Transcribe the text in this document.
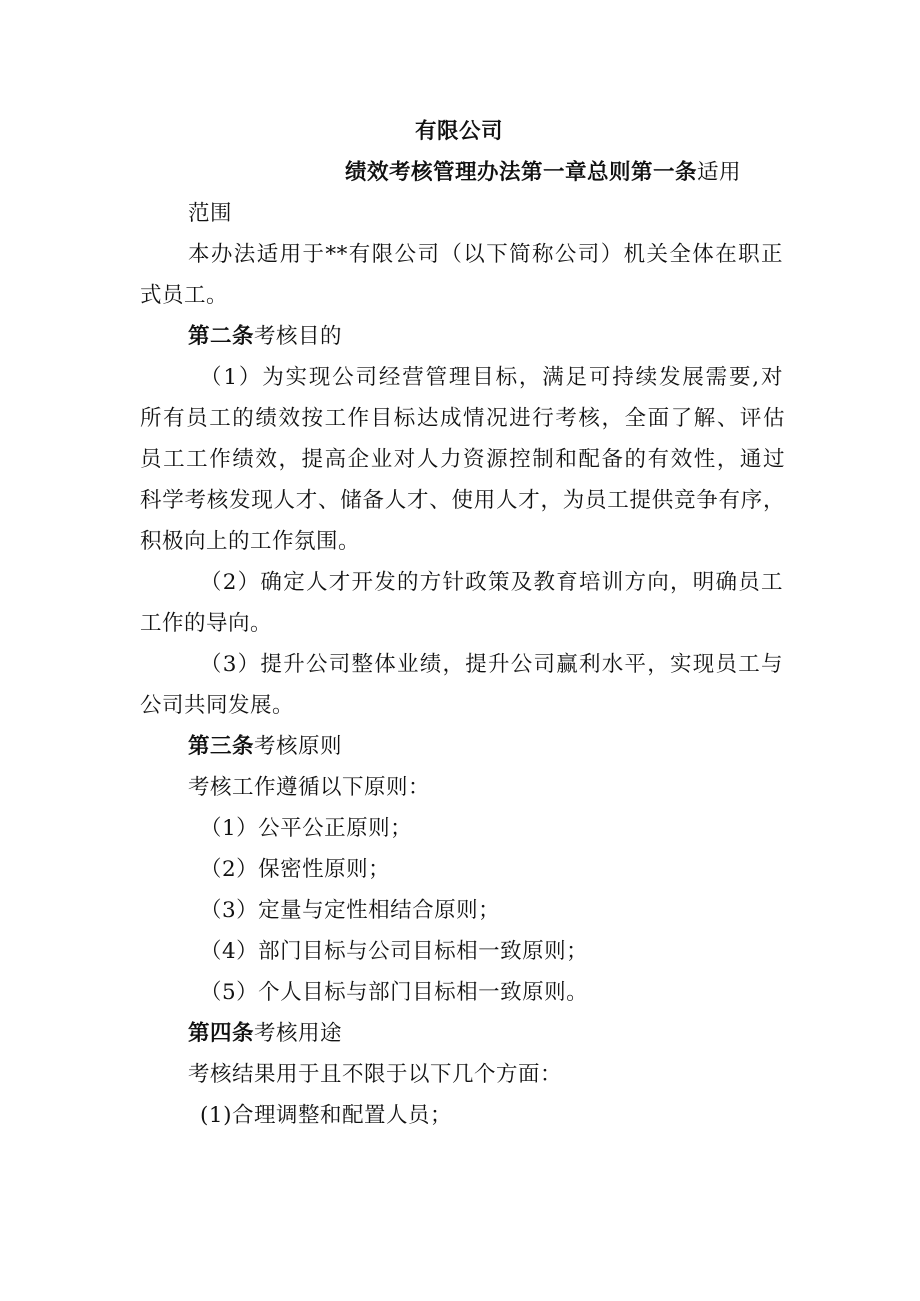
有限公司
绩效考核管理办法第一章总则第一条适用
范围
本办法适用于**有限公司（以下简称公司）机关全体在职正
式员工。
第二条考核目的
（1）为实现公司经营管理目标，满足可持续发展需要,对
所有员工的绩效按工作目标达成情况进行考核，全面了解、评估
员工工作绩效，提高企业对人力资源控制和配备的有效性，通过
科学考核发现人才、储备人才、使用人才，为员工提供竞争有序，
积极向上的工作氛围。
（2）确定人才开发的方针政策及教育培训方向，明确员工
工作的导向。
（3）提升公司整体业绩，提升公司赢利水平，实现员工与
公司共同发展。
第三条考核原则
考核工作遵循以下原则：
（1）公平公正原则；
（2）保密性原则；
（3）定量与定性相结合原则；
（4）部门目标与公司目标相一致原则；
（5）个人目标与部门目标相一致原则。
第四条考核用途
考核结果用于且不限于以下几个方面：
(1)合理调整和配置人员；
